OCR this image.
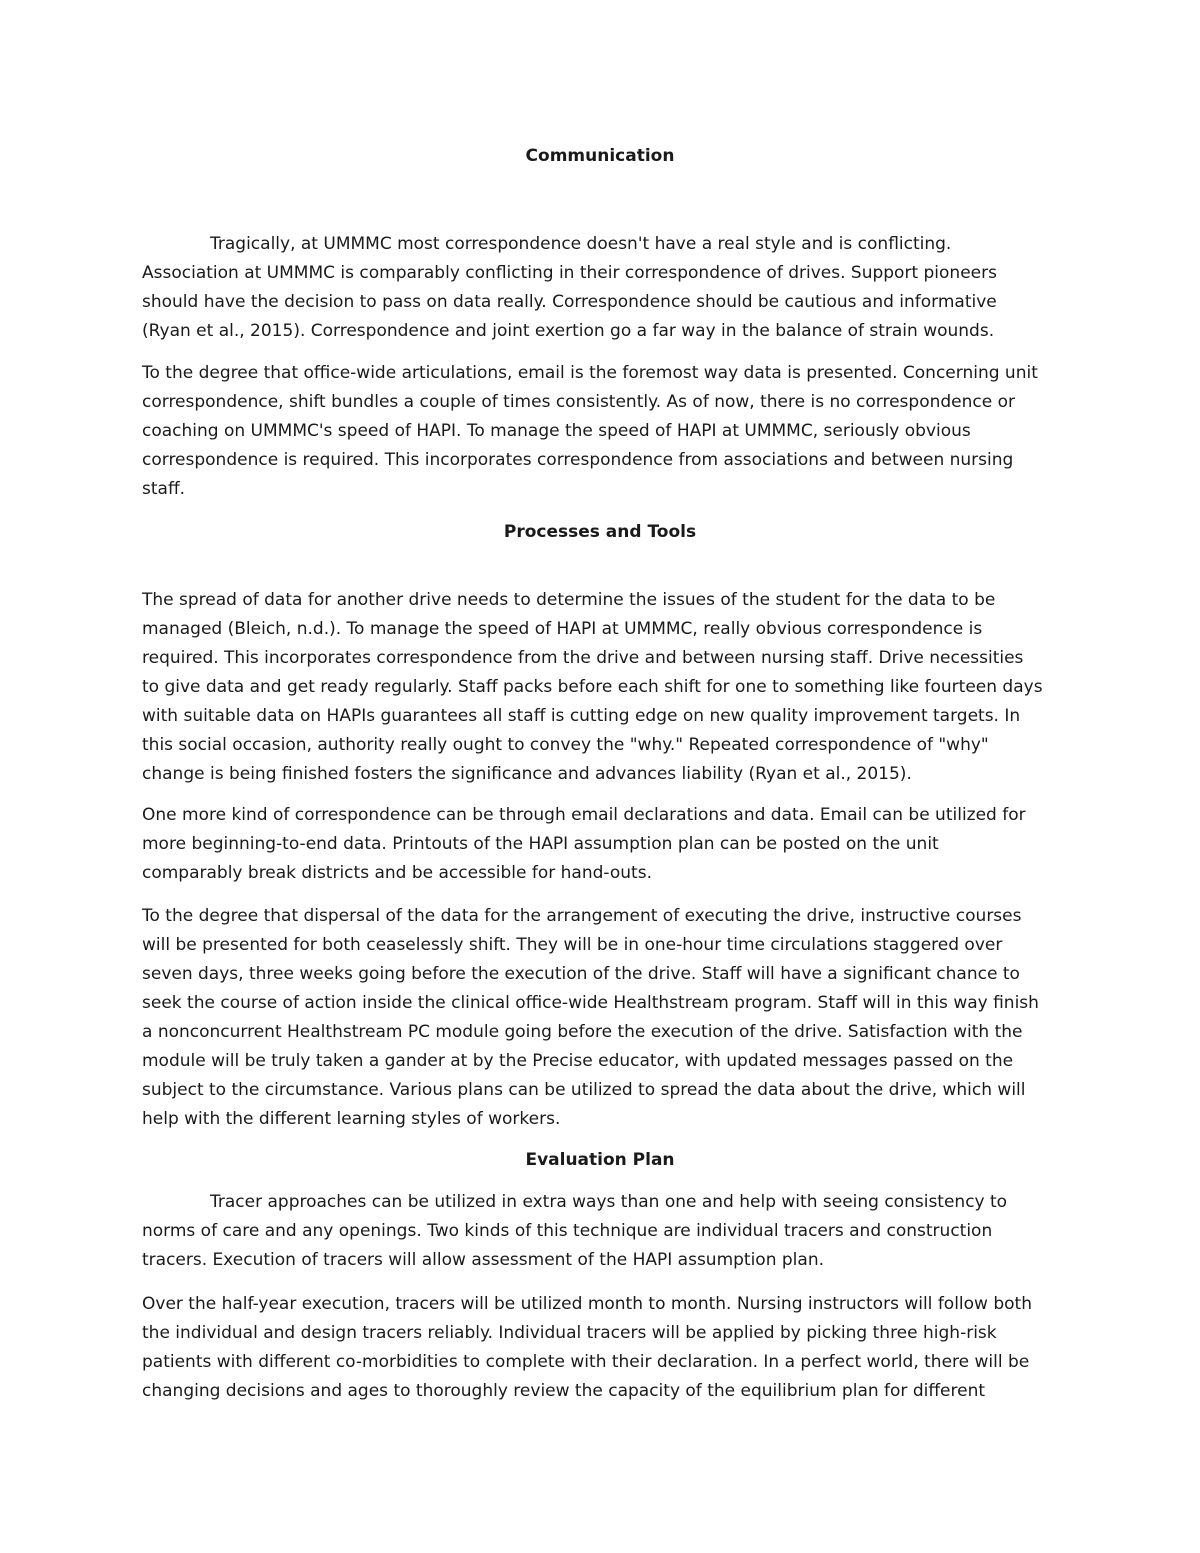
Communication

Tragically, at UMMMC most correspondence doesn't have a real style and is conflicting.
Association at UMMMC is comparably conflicting in their correspondence of drives. Support pioneers
should have the decision to pass on data really. Correspondence should be cautious and informative
(Ryan et al., 2015). Correspondence and joint exertion go a far way in the balance of strain wounds.

To the degree that office-wide articulations, email is the foremost way data is presented. Concerning unit
correspondence, shift bundles a couple of times consistently. As of now, there is no correspondence or
coaching on UMMMC's speed of HAPI. To manage the speed of HAPI at UMMMC, seriously obvious
correspondence is required. This incorporates correspondence from associations and between nursing
staff.

Processes and Tools

The spread of data for another drive needs to determine the issues of the student for the data to be
managed (Bleich, n.d.). To manage the speed of HAPI at UMMMC, really obvious correspondence is
required. This incorporates correspondence from the drive and between nursing staff. Drive necessities
to give data and get ready regularly. Staff packs before each shift for one to something like fourteen days
with suitable data on HAPIs guarantees all staff is cutting edge on new quality improvement targets. In
this social occasion, authority really ought to convey the "why." Repeated correspondence of "why"
change is being finished fosters the significance and advances liability (Ryan et al., 2015).

One more kind of correspondence can be through email declarations and data. Email can be utilized for
more beginning-to-end data. Printouts of the HAPI assumption plan can be posted on the unit
comparably break districts and be accessible for hand-outs.

To the degree that dispersal of the data for the arrangement of executing the drive, instructive courses
will be presented for both ceaselessly shift. They will be in one-hour time circulations staggered over
seven days, three weeks going before the execution of the drive. Staff will have a significant chance to
seek the course of action inside the clinical office-wide Healthstream program. Staff will in this way finish
a nonconcurrent Healthstream PC module going before the execution of the drive. Satisfaction with the
module will be truly taken a gander at by the Precise educator, with updated messages passed on the
subject to the circumstance. Various plans can be utilized to spread the data about the drive, which will
help with the different learning styles of workers.

Evaluation Plan

Tracer approaches can be utilized in extra ways than one and help with seeing consistency to
norms of care and any openings. Two kinds of this technique are individual tracers and construction
tracers. Execution of tracers will allow assessment of the HAPI assumption plan.

Over the half-year execution, tracers will be utilized month to month. Nursing instructors will follow both
the individual and design tracers reliably. Individual tracers will be applied by picking three high-risk
patients with different co-morbidities to complete with their declaration. In a perfect world, there will be
changing decisions and ages to thoroughly review the capacity of the equilibrium plan for different
